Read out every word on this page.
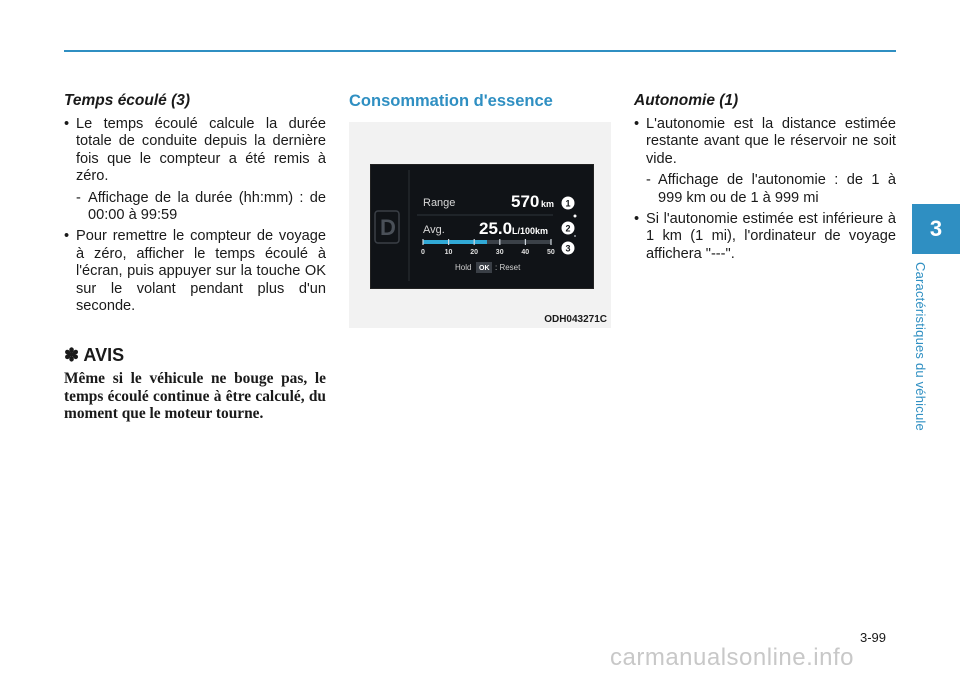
Temps écoulé (3)
• Le temps écoulé calcule la durée totale de conduite depuis la dernière fois que le compteur a été remis à zéro.
- Affichage de la durée (hh:mm) : de 00:00 à 99:59
• Pour remettre le compteur de voyage à zéro, afficher le temps écoulé à l'écran, puis appuyer sur la touche OK sur le volant pendant plus d'un seconde.
✽ AVIS
Même si le véhicule ne bouge pas, le temps écoulé continue à être calculé, du moment que le moteur tourne.
Consommation d'essence
D
Range	570 km
Avg. 25.0 L/100km
0	10	20	30	40	50
Hold OK : Reset
1
2
3
ODH043271C
Autonomie (1)
• L'autonomie est la distance estimée restante avant que le réservoir ne soit vide.
- Affichage de l'autonomie : de 1 à 999 km ou de 1 à 999 mi
• Si l'autonomie estimée est inférieure à 1 km (1 mi), l'ordinateur de voyage affichera "---".
3
Caractéristiques du véhicule
3-99
carmanualsonline.info
